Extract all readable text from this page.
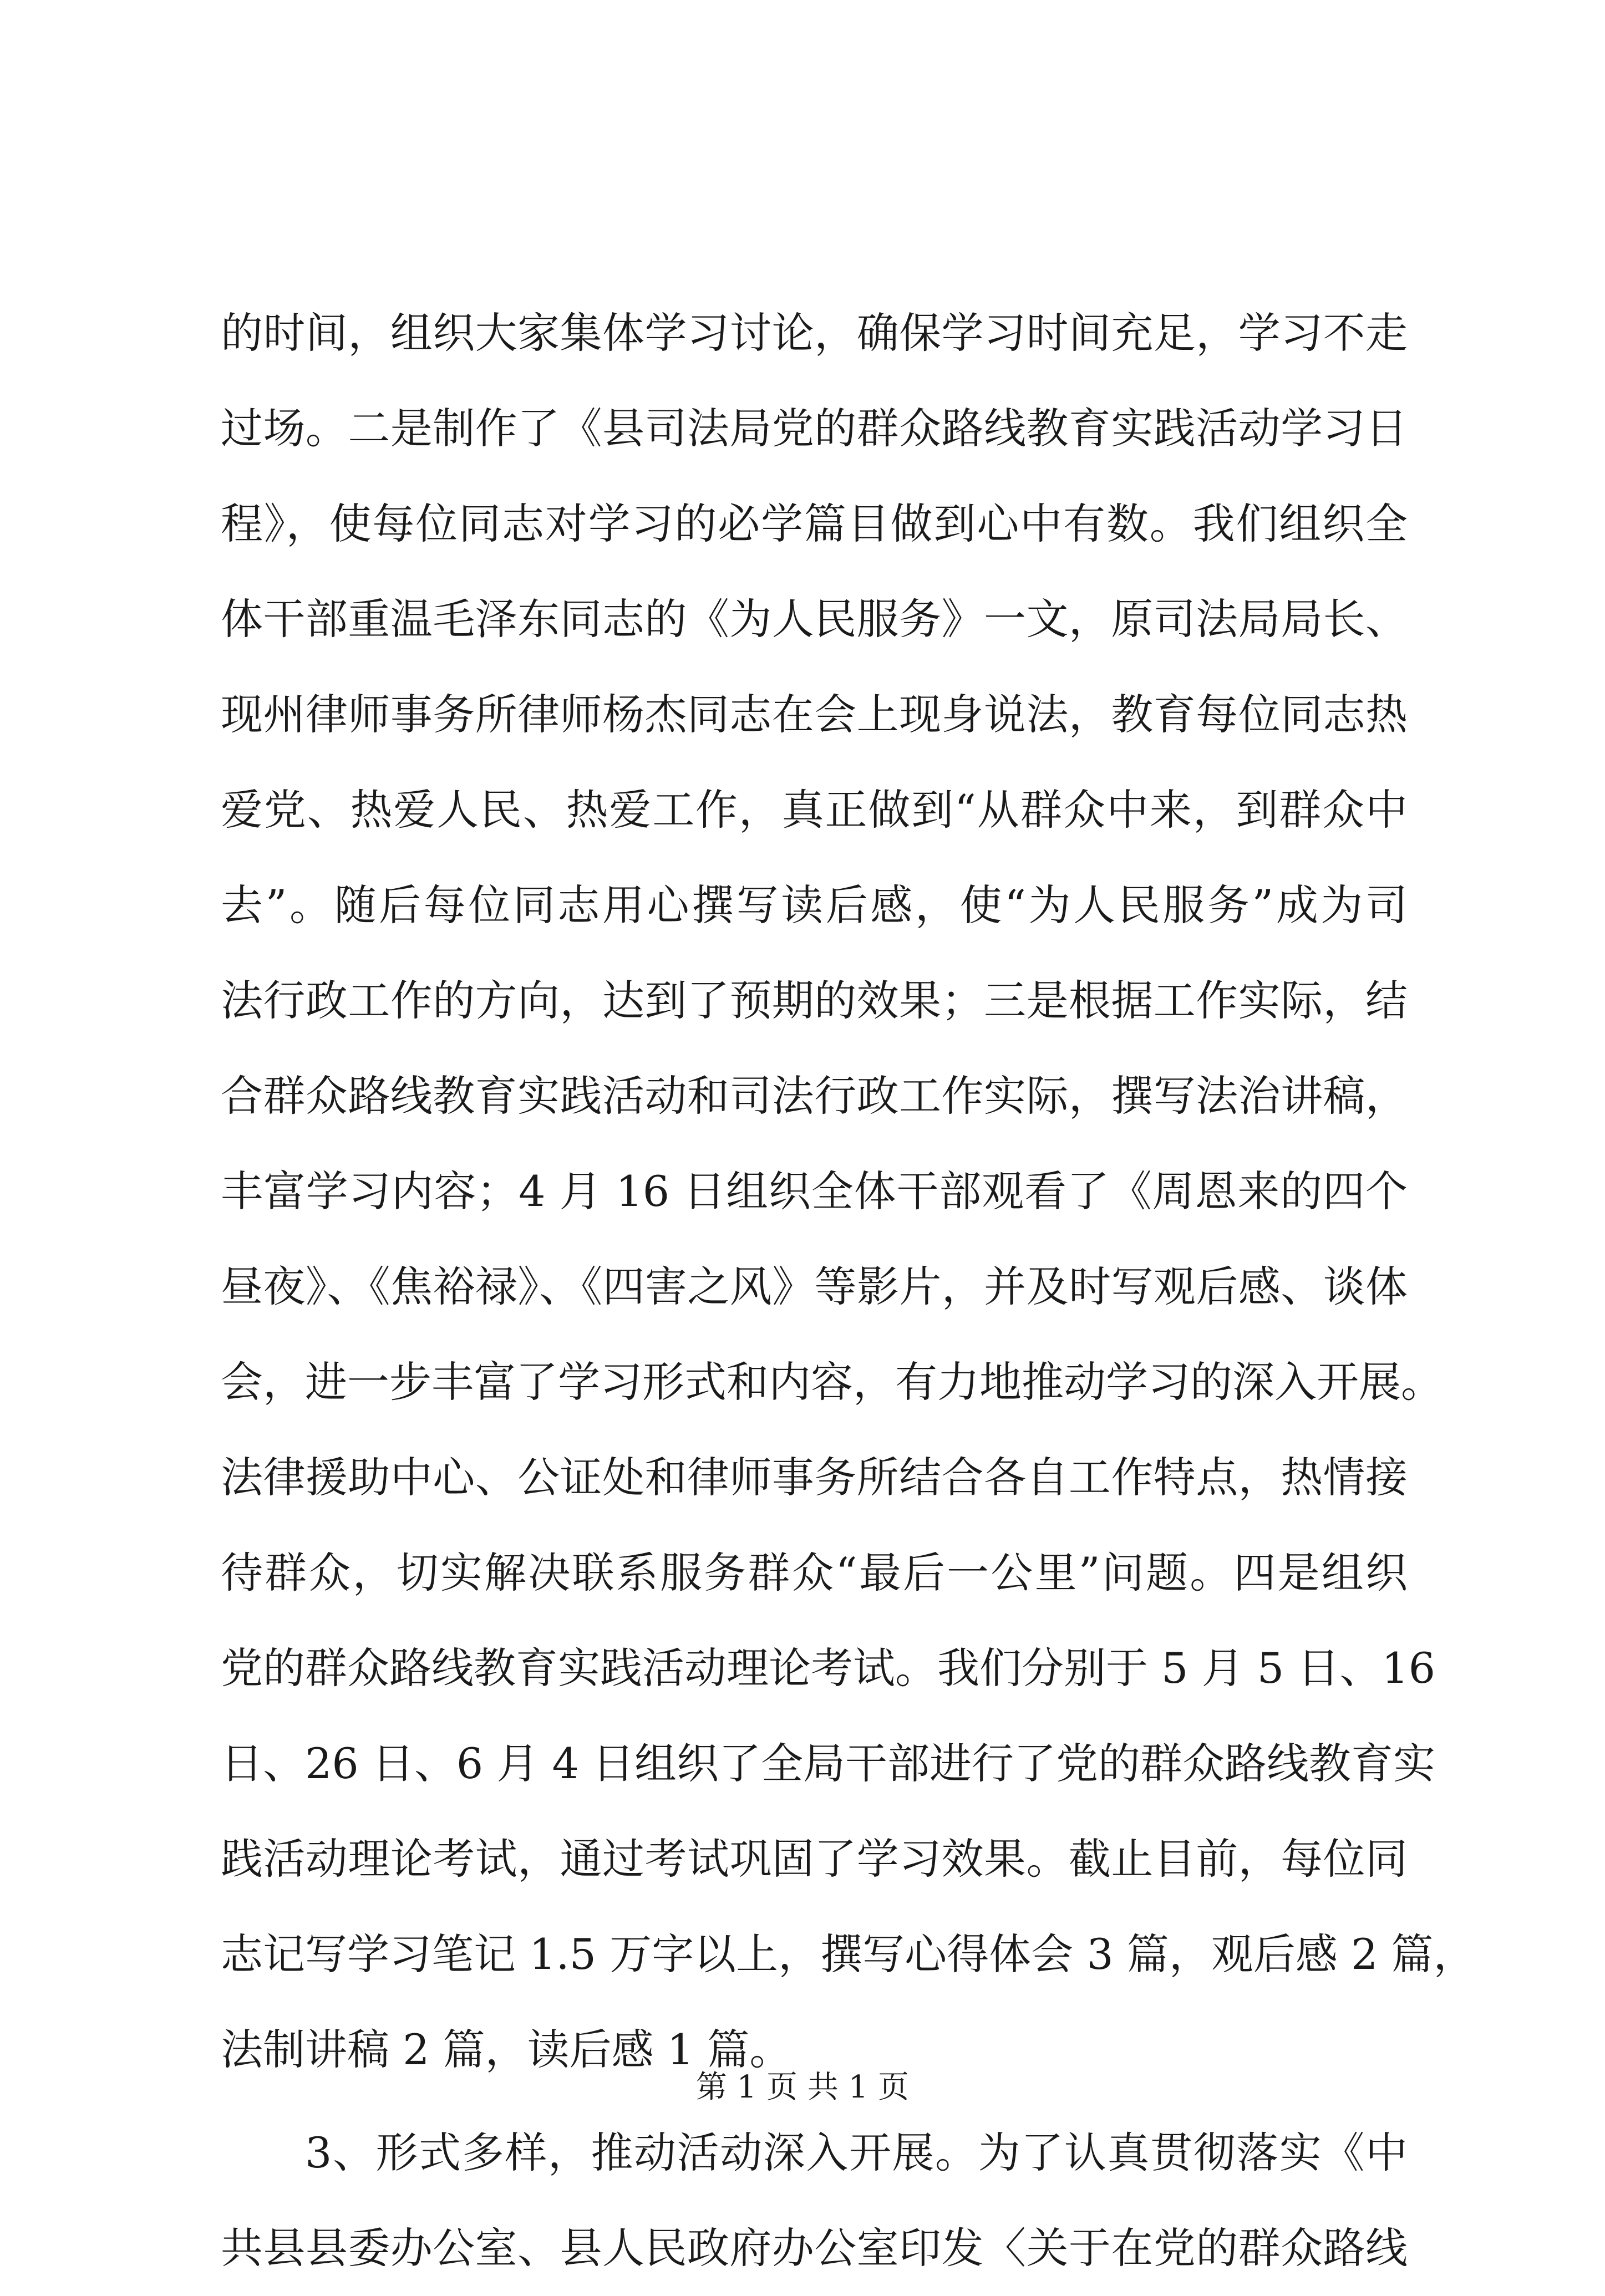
的时间，组织大家集体学习讨论，确保学习时间充足，学习不走
过场。二是制作了《县司法局党的群众路线教育实践活动学习日
程》，使每位同志对学习的必学篇目做到心中有数。我们组织全
体干部重温毛泽东同志的《为人民服务》一文，原司法局局长、
现州律师事务所律师杨杰同志在会上现身说法，教育每位同志热
爱党、热爱人民、热爱工作，真正做到“从群众中来，到群众中
去”。随后每位同志用心撰写读后感，使“为人民服务”成为司
法行政工作的方向，达到了预期的效果；三是根据工作实际，结
合群众路线教育实践活动和司法行政工作实际，撰写法治讲稿，
丰富学习内容；4 月 16 日组织全体干部观看了《周恩来的四个
昼夜》、《焦裕禄》、《四害之风》等影片，并及时写观后感、谈体
会，进一步丰富了学习形式和内容，有力地推动学习的深入开展。
法律援助中心、公证处和律师事务所结合各自工作特点，热情接
待群众，切实解决联系服务群众“最后一公里”问题。四是组织
党的群众路线教育实践活动理论考试。我们分别于 5 月 5 日、16
日、26 日、6 月 4 日组织了全局干部进行了党的群众路线教育实
践活动理论考试，通过考试巩固了学习效果。截止目前，每位同
志记写学习笔记 1.5 万字以上，撰写心得体会 3 篇，观后感 2 篇，
法制讲稿 2 篇，读后感 1 篇。
3、形式多样，推动活动深入开展。为了认真贯彻落实《中
共县县委办公室、县人民政府办公室印发〈关于在党的群众路线
第 1 页 共 1 页
